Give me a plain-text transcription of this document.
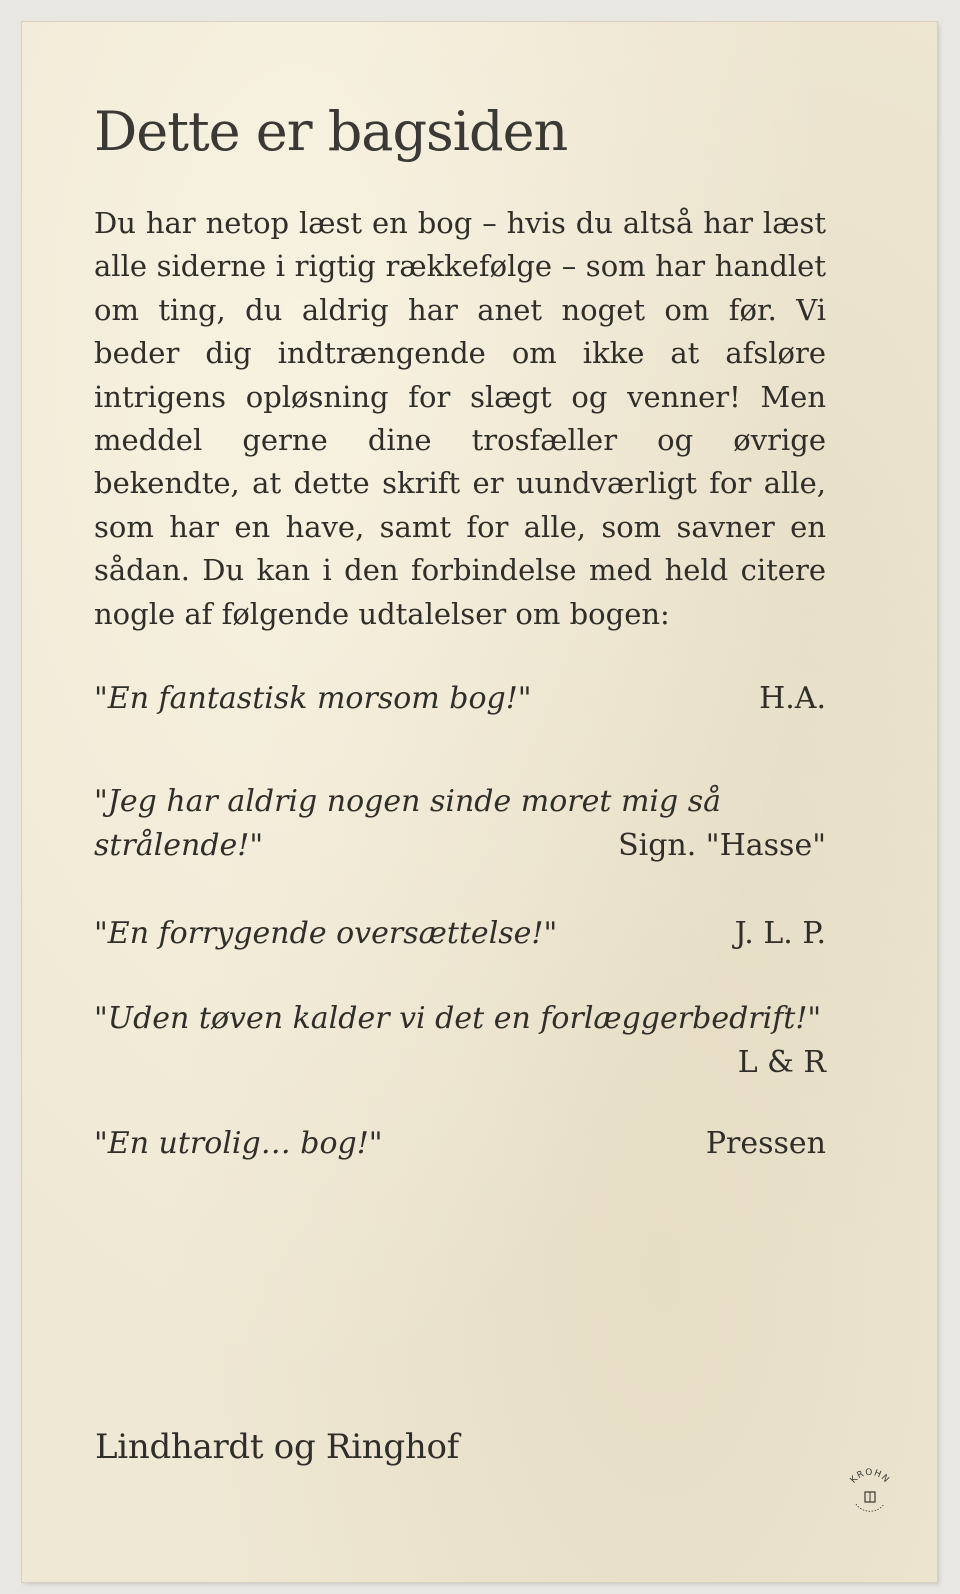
Dette er bagsiden

Du har netop læst en bog – hvis du altså har læst alle siderne i rigtig rækkefølge – som har handlet om ting, du aldrig har anet noget om før. Vi beder dig indtrængende om ikke at afsløre intrigens opløsning for slægt og venner! Men meddel gerne dine trosfæller og øvrige bekendte, at dette skrift er uundværligt for alle, som har en have, samt for alle, som savner en sådan. Du kan i den forbindelse med held citere nogle af følgende udtalelser om bogen:

H.A.
"En fantastisk morsom bog!"
"Jeg har aldrig nogen sinde moret mig så strålende!"	Sign. "Hasse"
J. L. P.
"En forrygende oversættelse!"
"Uden tøven kalder vi det en forlæggerbedrift!"
L & R
Pressen
"En utrolig… bog!"
Lindhardt og Ringhof
KROHN
